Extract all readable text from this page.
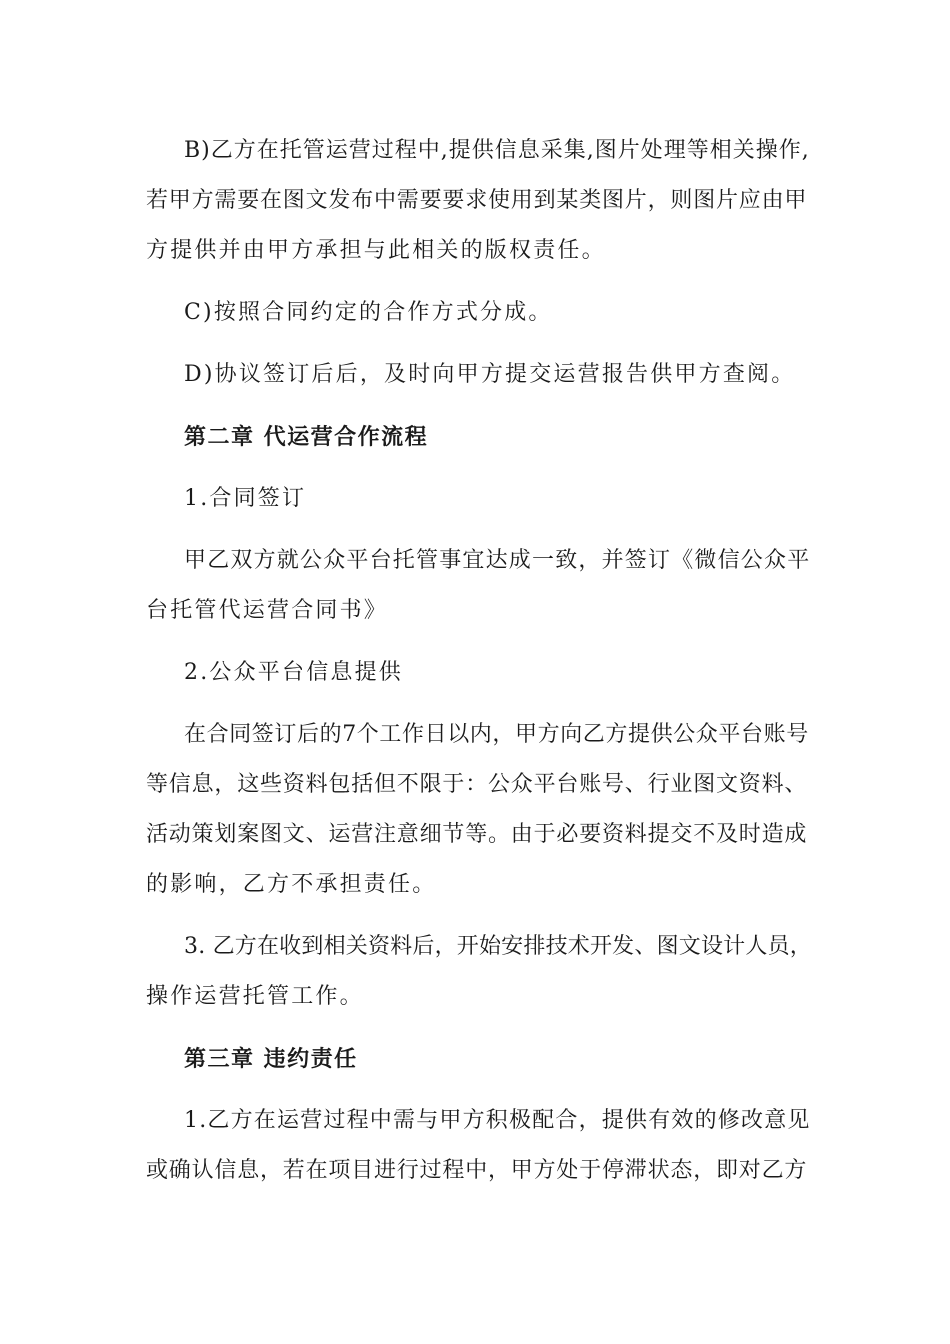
B)乙方在托管运营过程中,提供信息采集,图片处理等相关操作,
若甲方需要在图文发布中需要要求使用到某类图片，则图片应由甲
方提供并由甲方承担与此相关的版权责任。
C)按照合同约定的合作方式分成。
D)协议签订后后，及时向甲方提交运营报告供甲方查阅。
第二章 代运营合作流程
1.合同签订
甲乙双方就公众平台托管事宜达成一致，并签订《微信公众平
台托管代运营合同书》
2.公众平台信息提供
在合同签订后的7个工作日以内，甲方向乙方提供公众平台账号
等信息，这些资料包括但不限于：公众平台账号、行业图文资料、
活动策划案图文、运营注意细节等。由于必要资料提交不及时造成
的影响，乙方不承担责任。
3. 乙方在收到相关资料后，开始安排技术开发、图文设计人员，
操作运营托管工作。
第三章 违约责任
1.乙方在运营过程中需与甲方积极配合，提供有效的修改意见
或确认信息，若在项目进行过程中，甲方处于停滞状态，即对乙方
